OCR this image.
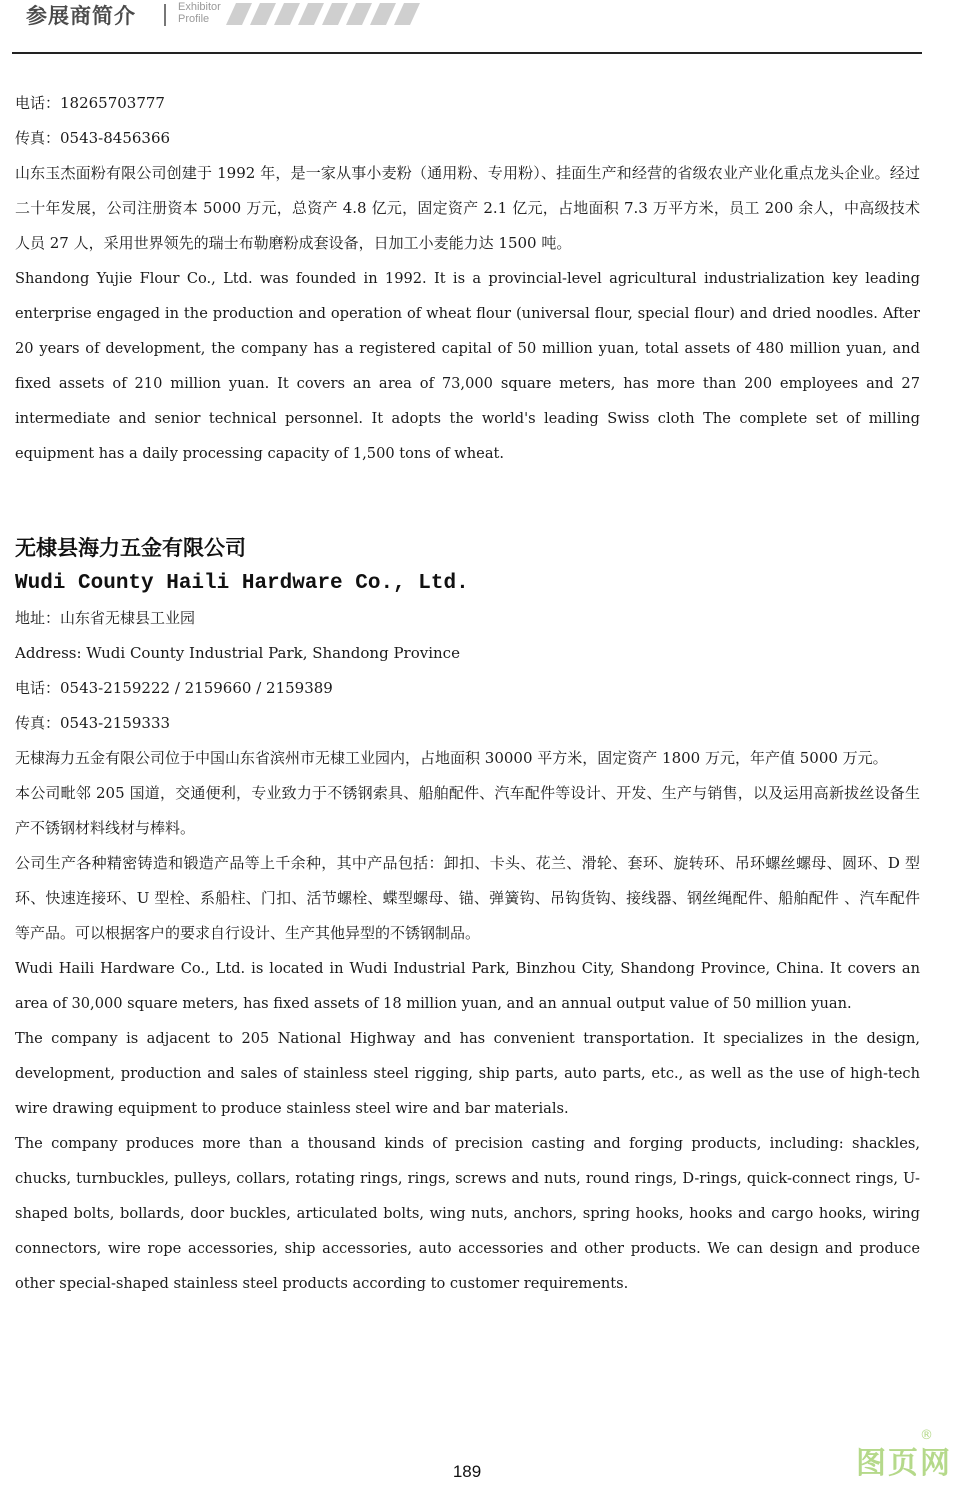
参展商简介	Exhibitor
Profile

电话：18265703777

传真：0543-8456366

山东玉杰面粉有限公司创建于 1992 年，是一家从事小麦粉（通用粉、专用粉）、挂面生产和经营的省级农业产业化重点龙头企业。经过二十年发展，公司注册资本 5000 万元，总资产 4.8 亿元，固定资产 2.1 亿元，占地面积 7.3 万平方米，员工 200 余人，中高级技术人员 27 人，采用世界领先的瑞士布勒磨粉成套设备，日加工小麦能力达 1500 吨。

Shandong Yujie Flour Co., Ltd. was founded in 1992. It is a provincial-level agricultural industrialization key leading enterprise engaged in the production and operation of wheat flour (universal flour, special flour) and dried noodles. After 20 years of development, the company has a registered capital of 50 million yuan, total assets of 480 million yuan, and fixed assets of 210 million yuan. It covers an area of 73,000 square meters, has more than 200 employees and 27 intermediate and senior technical personnel. It adopts the world's leading Swiss cloth The complete set of milling equipment has a daily processing capacity of 1,500 tons of wheat.

无棣县海力五金有限公司
Wudi County Haili Hardware Co., Ltd.

地址：山东省无棣县工业园

Address: Wudi County Industrial Park, Shandong Province

电话：0543-2159222 / 2159660 / 2159389

传真：0543-2159333

无棣海力五金有限公司位于中国山东省滨州市无棣工业园内，占地面积 30000 平方米，固定资产 1800 万元，年产值 5000 万元。

本公司毗邻 205 国道，交通便利，专业致力于不锈钢索具、船舶配件、汽车配件等设计、开发、生产与销售，以及运用高新拔丝设备生产不锈钢材料线材与棒料。

公司生产各种精密铸造和锻造产品等上千余种，其中产品包括：卸扣、卡头、花兰、滑轮、套环、旋转环、吊环螺丝螺母、圆环、D 型环、快速连接环、U 型栓、系船柱、门扣、活节螺栓、蝶型螺母、锚、弹簧钩、吊钩货钩、接线器、钢丝绳配件、船舶配件 、汽车配件等产品。可以根据客户的要求自行设计、生产其他异型的不锈钢制品。

Wudi Haili Hardware Co., Ltd. is located in Wudi Industrial Park, Binzhou City, Shandong Province, China. It covers an area of 30,000 square meters, has fixed assets of 18 million yuan, and an annual output value of 50 million yuan.

The company is adjacent to 205 National Highway and has convenient transportation. It specializes in the design, development, production and sales of stainless steel rigging, ship parts, auto parts, etc., as well as the use of high-tech wire drawing equipment to produce stainless steel wire and bar materials.

The company produces more than a thousand kinds of precision casting and forging products, including: shackles, chucks, turnbuckles, pulleys, collars, rotating rings, rings, screws and nuts, round rings, D-rings, quick-connect rings, U-shaped bolts, bollards, door buckles, articulated bolts, wing nuts, anchors, spring hooks, hooks and cargo hooks, wiring connectors, wire rope accessories, ship accessories, auto accessories and other products. We can design and produce other special-shaped stainless steel products according to customer requirements.

189	图页网
®
